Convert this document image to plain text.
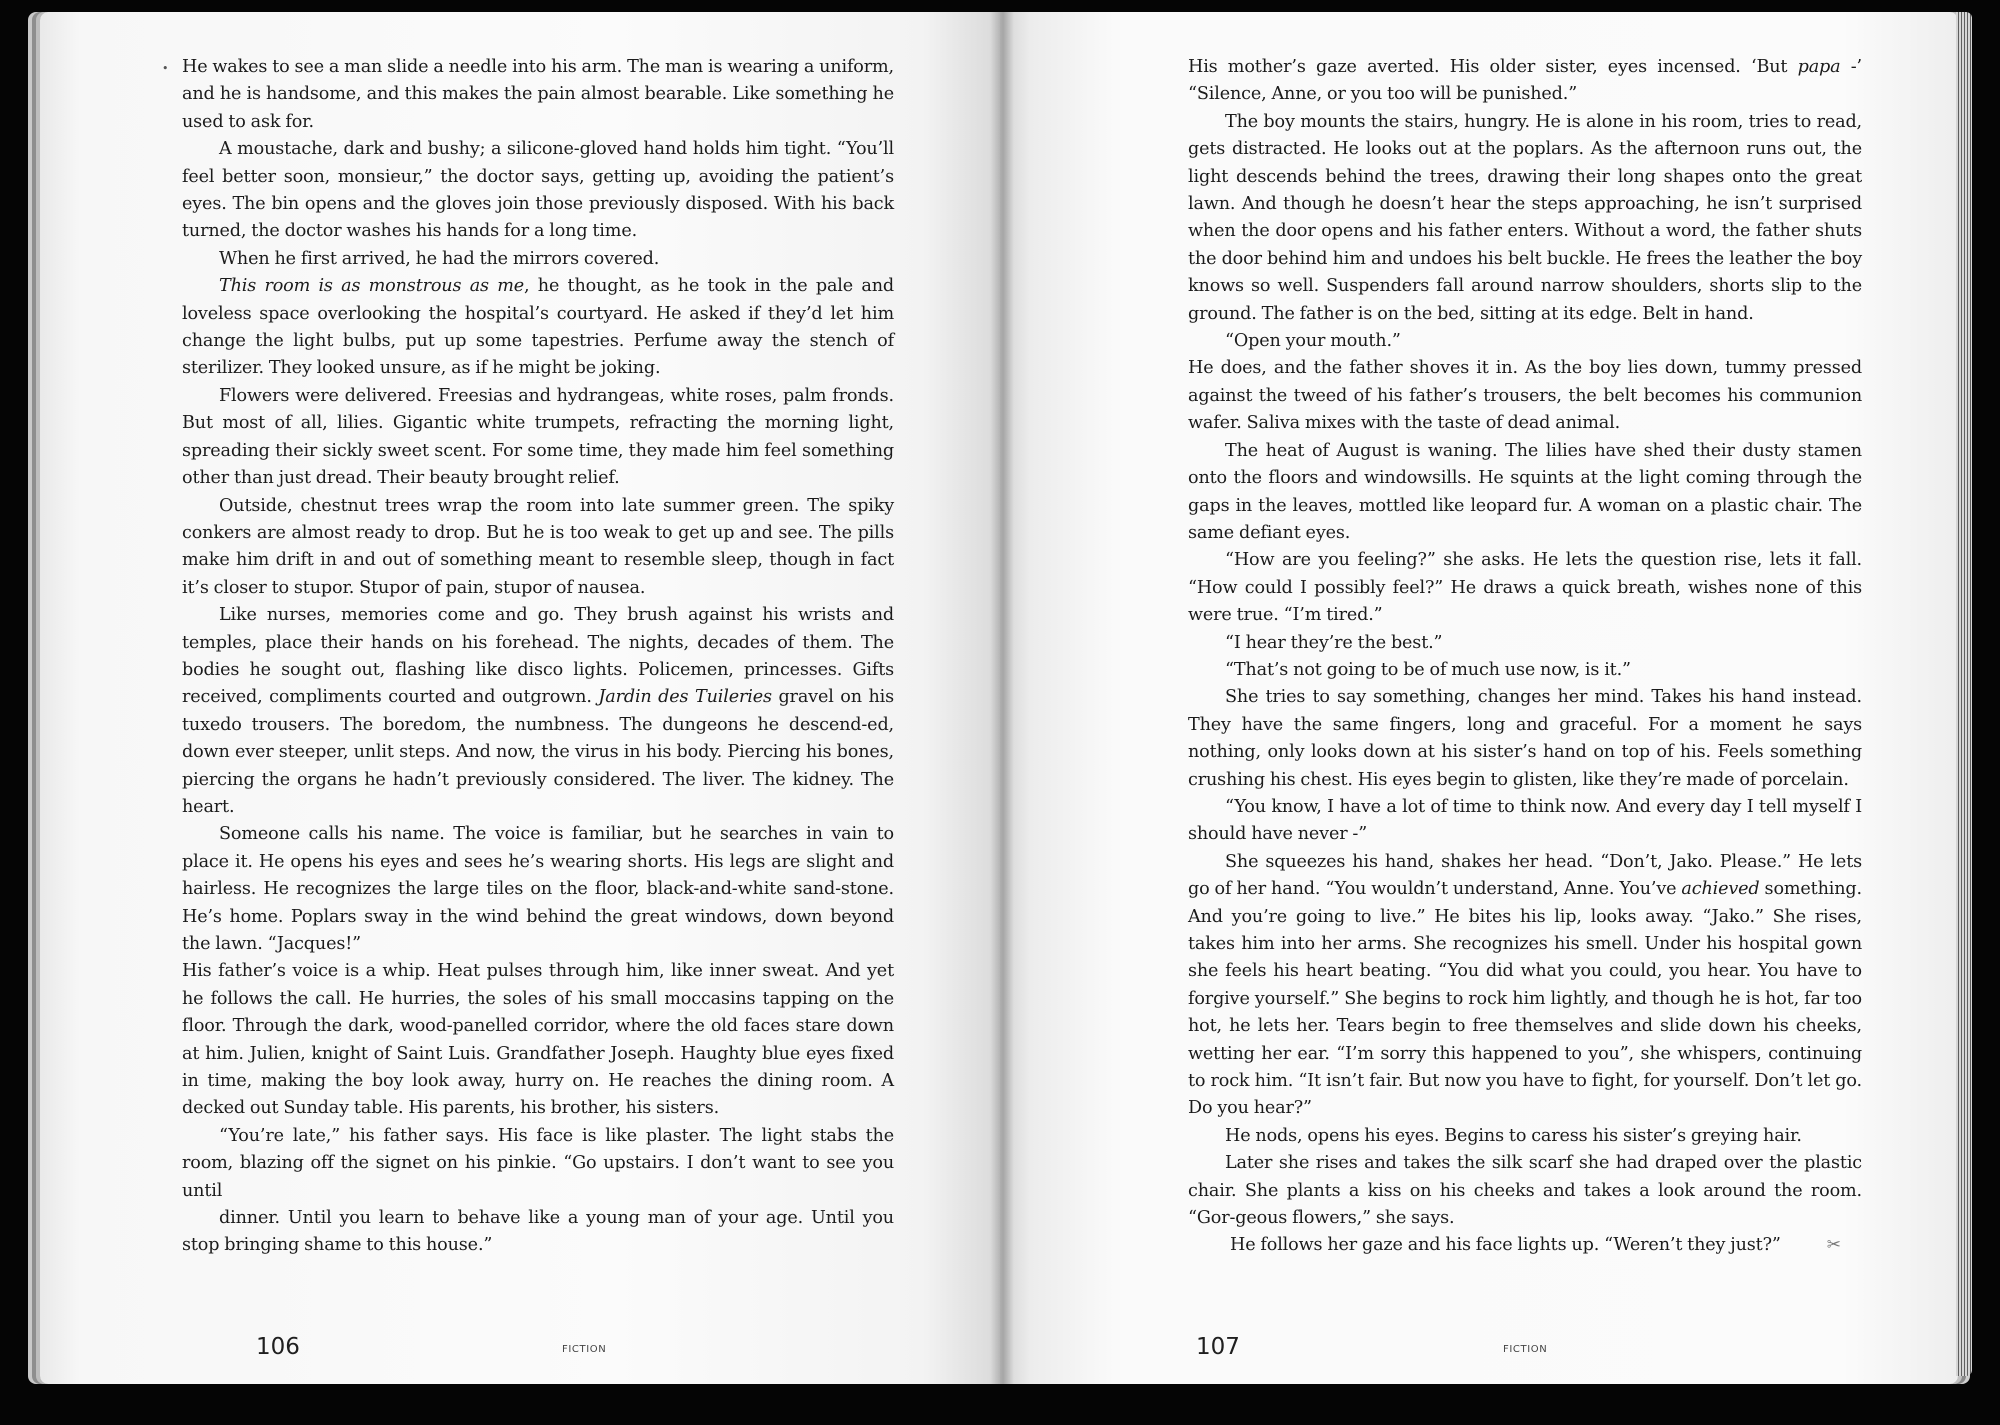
• He wakes to see a man slide a needle into his arm. The man is wearing a uniform, and he is handsome, and this makes the pain almost bearable. Like something he used to ask for.

A moustache, dark and bushy; a silicone-gloved hand holds him tight. “You’ll feel better soon, monsieur,” the doctor says, getting up, avoiding the patient’s eyes. The bin opens and the gloves join those previously disposed. With his back turned, the doctor washes his hands for a long time.

When he first arrived, he had the mirrors covered.

This room is as monstrous as me, he thought, as he took in the pale and loveless space overlooking the hospital’s courtyard. He asked if they’d let him change the light bulbs, put up some tapestries. Perfume away the stench of sterilizer. They looked unsure, as if he might be joking.

Flowers were delivered. Freesias and hydrangeas, white roses, palm fronds. But most of all, lilies. Gigantic white trumpets, refracting the morning light, spreading their sickly sweet scent. For some time, they made him feel something other than just dread. Their beauty brought relief.

Outside, chestnut trees wrap the room into late summer green. The spiky conkers are almost ready to drop. But he is too weak to get up and see. The pills make him drift in and out of something meant to resemble sleep, though in fact it’s closer to stupor. Stupor of pain, stupor of nausea.

Like nurses, memories come and go. They brush against his wrists and temples, place their hands on his forehead. The nights, decades of them. The bodies he sought out, flashing like disco lights. Policemen, princesses. Gifts received, compliments courted and outgrown. Jardin des Tuileries gravel on his tuxedo trousers. The boredom, the numbness. The dungeons he descend-ed, down ever steeper, unlit steps. And now, the virus in his body. Piercing his bones, piercing the organs he hadn’t previously considered. The liver. The kidney. The heart.

Someone calls his name. The voice is familiar, but he searches in vain to place it. He opens his eyes and sees he’s wearing shorts. His legs are slight and hairless. He recognizes the large tiles on the floor, black-and-white sand-stone. He’s home. Poplars sway in the wind behind the great windows, down beyond the lawn. “Jacques!”

His father’s voice is a whip. Heat pulses through him, like inner sweat. And yet he follows the call. He hurries, the soles of his small moccasins tapping on the floor. Through the dark, wood-panelled corridor, where the old faces stare down at him. Julien, knight of Saint Luis. Grandfather Joseph. Haughty blue eyes fixed in time, making the boy look away, hurry on. He reaches the dining room. A decked out Sunday table. His parents, his brother, his sisters.

“You’re late,” his father says. His face is like plaster. The light stabs the room, blazing off the signet on his pinkie. “Go upstairs. I don’t want to see you until

dinner. Until you learn to behave like a young man of your age. Until you stop bringing shame to this house.”

106	FICTION

His mother’s gaze averted. His older sister, eyes incensed. ‘But papa -’ “Silence, Anne, or you too will be punished.”

The boy mounts the stairs, hungry. He is alone in his room, tries to read, gets distracted. He looks out at the poplars. As the afternoon runs out, the light descends behind the trees, drawing their long shapes onto the great lawn. And though he doesn’t hear the steps approaching, he isn’t surprised when the door opens and his father enters. Without a word, the father shuts the door behind him and undoes his belt buckle. He frees the leather the boy knows so well. Suspenders fall around narrow shoulders, shorts slip to the ground. The father is on the bed, sitting at its edge. Belt in hand.

“Open your mouth.”

He does, and the father shoves it in. As the boy lies down, tummy pressed against the tweed of his father’s trousers, the belt becomes his communion wafer. Saliva mixes with the taste of dead animal.

The heat of August is waning. The lilies have shed their dusty stamen onto the floors and windowsills. He squints at the light coming through the gaps in the leaves, mottled like leopard fur. A woman on a plastic chair. The same defiant eyes.

“How are you feeling?” she asks. He lets the question rise, lets it fall. “How could I possibly feel?” He draws a quick breath, wishes none of this were true. “I’m tired.”

“I hear they’re the best.”

“That’s not going to be of much use now, is it.”

She tries to say something, changes her mind. Takes his hand instead. They have the same fingers, long and graceful. For a moment he says nothing, only looks down at his sister’s hand on top of his. Feels something crushing his chest. His eyes begin to glisten, like they’re made of porcelain.

“You know, I have a lot of time to think now. And every day I tell myself I should have never -”

She squeezes his hand, shakes her head. “Don’t, Jako. Please.” He lets go of her hand. “You wouldn’t understand, Anne. You’ve achieved something. And you’re going to live.” He bites his lip, looks away. “Jako.” She rises, takes him into her arms. She recognizes his smell. Under his hospital gown she feels his heart beating. “You did what you could, you hear. You have to forgive yourself.” She begins to rock him lightly, and though he is hot, far too hot, he lets her. Tears begin to free themselves and slide down his cheeks, wetting her ear. “I’m sorry this happened to you”, she whispers, continuing to rock him. “It isn’t fair. But now you have to fight, for yourself. Don’t let go. Do you hear?”

He nods, opens his eyes. Begins to caress his sister’s greying hair.

Later she rises and takes the silk scarf she had draped over the plastic chair. She plants a kiss on his cheeks and takes a look around the room. “Gor-geous flowers,” she says.

He follows her gaze and his face lights up. “Weren’t they just?”	✂

107	FICTION
